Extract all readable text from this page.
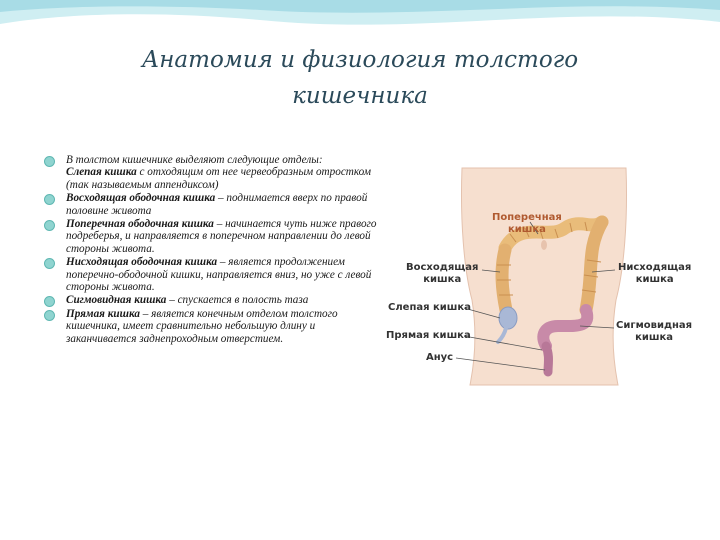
Анатомия и физиология толстого
кишечника
В толстом кишечнике выделяют следующие отделы:
Слепая кишка с отходящим от нее червеобразным отростком (так называемым аппендиксом)
Восходящая ободочная кишка – поднимается вверх по правой половине живота
Поперечная ободочная кишка – начинается чуть ниже правого подреберья, и направляется в поперечном направлении до левой стороны живота.
Нисходящая ободочная кишка – является продолжением поперечно-ободочной кишки, направляется вниз, но уже с левой стороны живота.
Сигмовидная кишка – спускается в полость таза
Прямая кишка – является конечным отделом толстого кишечника, имеет сравнительно небольшую длину и заканчивается заднепроходным отверстием.
Поперечная
кишка
Восходящая
кишка
Нисходящая
кишка
Слепая кишка
Прямая кишка
Сигмовидная
кишка
Анус
